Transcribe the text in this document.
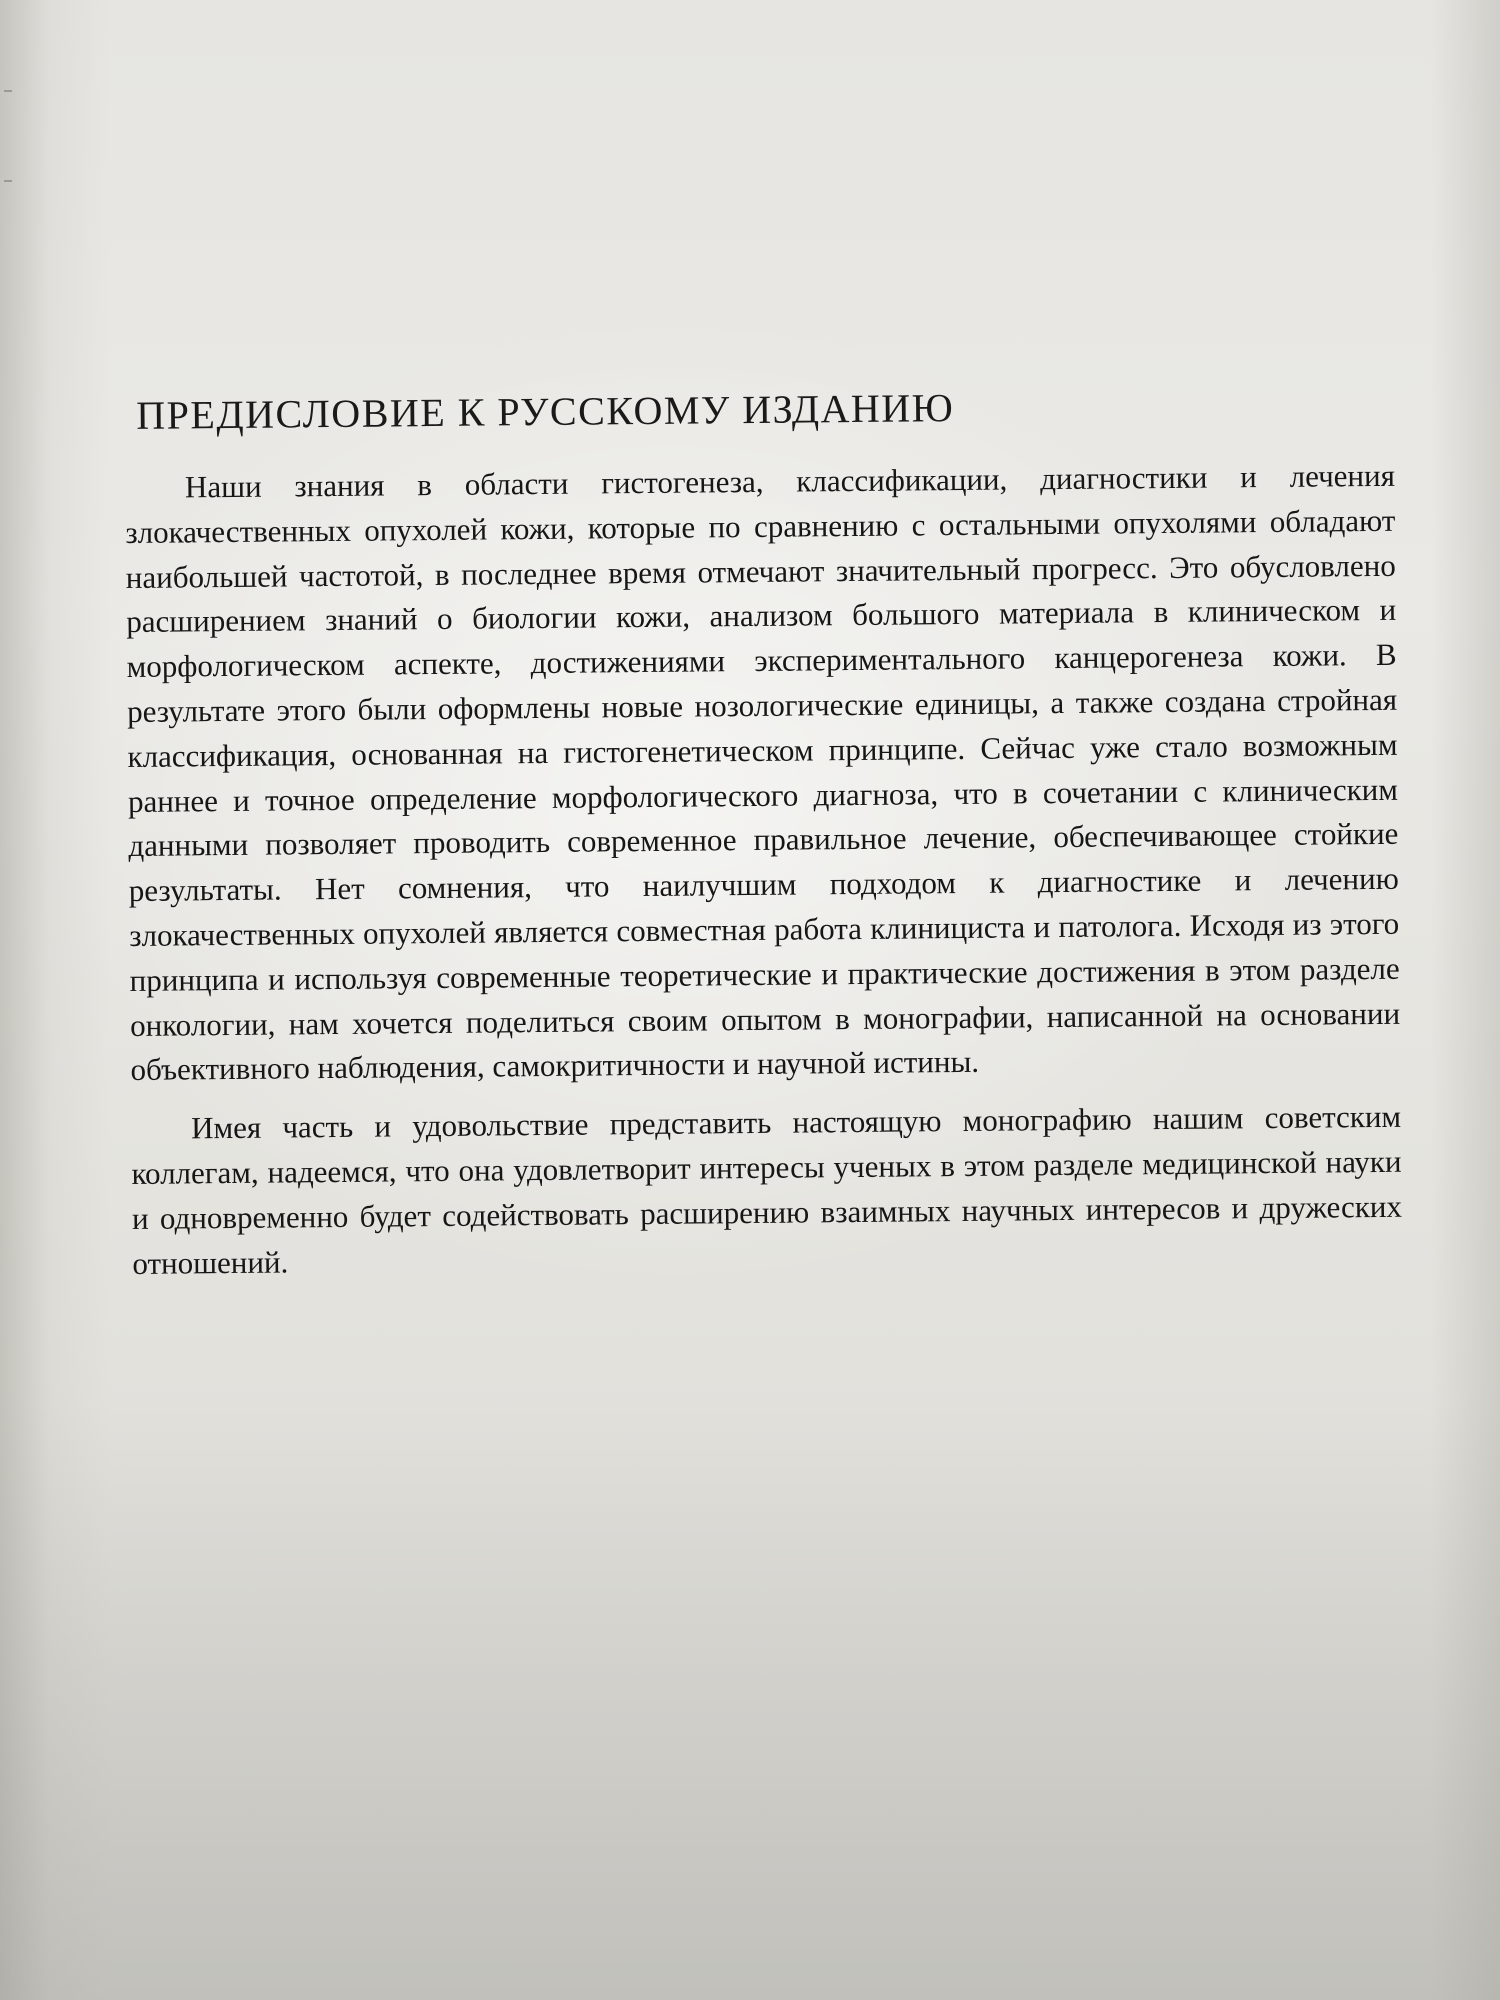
ПРЕДИСЛОВИЕ К РУССКОМУ ИЗДАНИЮ

Наши знания в области гистогенеза, классификации, диагностики и лечения злокачественных опухолей кожи, которые по сравнению с остальными опухолями обладают наибольшей частотой, в последнее время отмечают значительный прогресс. Это обусловлено расширением знаний о биологии кожи, анализом большого материала в клиническом и морфологическом аспекте, достижениями экспериментального канцерогенеза кожи. В результате этого были оформлены новые нозологические единицы, а также создана стройная классификация, основанная на гистогенетическом принципе. Сейчас уже стало возможным раннее и точное определение морфологического диагноза, что в сочетании с клиническим данными позволяет проводить современное правильное лечение, обеспечивающее стойкие результаты. Нет сомнения, что наилучшим подходом к диагностике и лечению злокачественных опухолей является совместная работа клинициста и патолога. Исходя из этого принципа и используя современные теоретические и практические достижения в этом разделе онкологии, нам хочется поделиться своим опытом в монографии, написанной на основании объективного наблюдения, самокритичности и научной истины.

Имея часть и удовольствие представить настоящую монографию нашим советским коллегам, надеемся, что она удовлетворит интересы ученых в этом разделе медицинской науки и одновременно будет содействовать расширению взаимных научных интересов и дружеских отношений.
